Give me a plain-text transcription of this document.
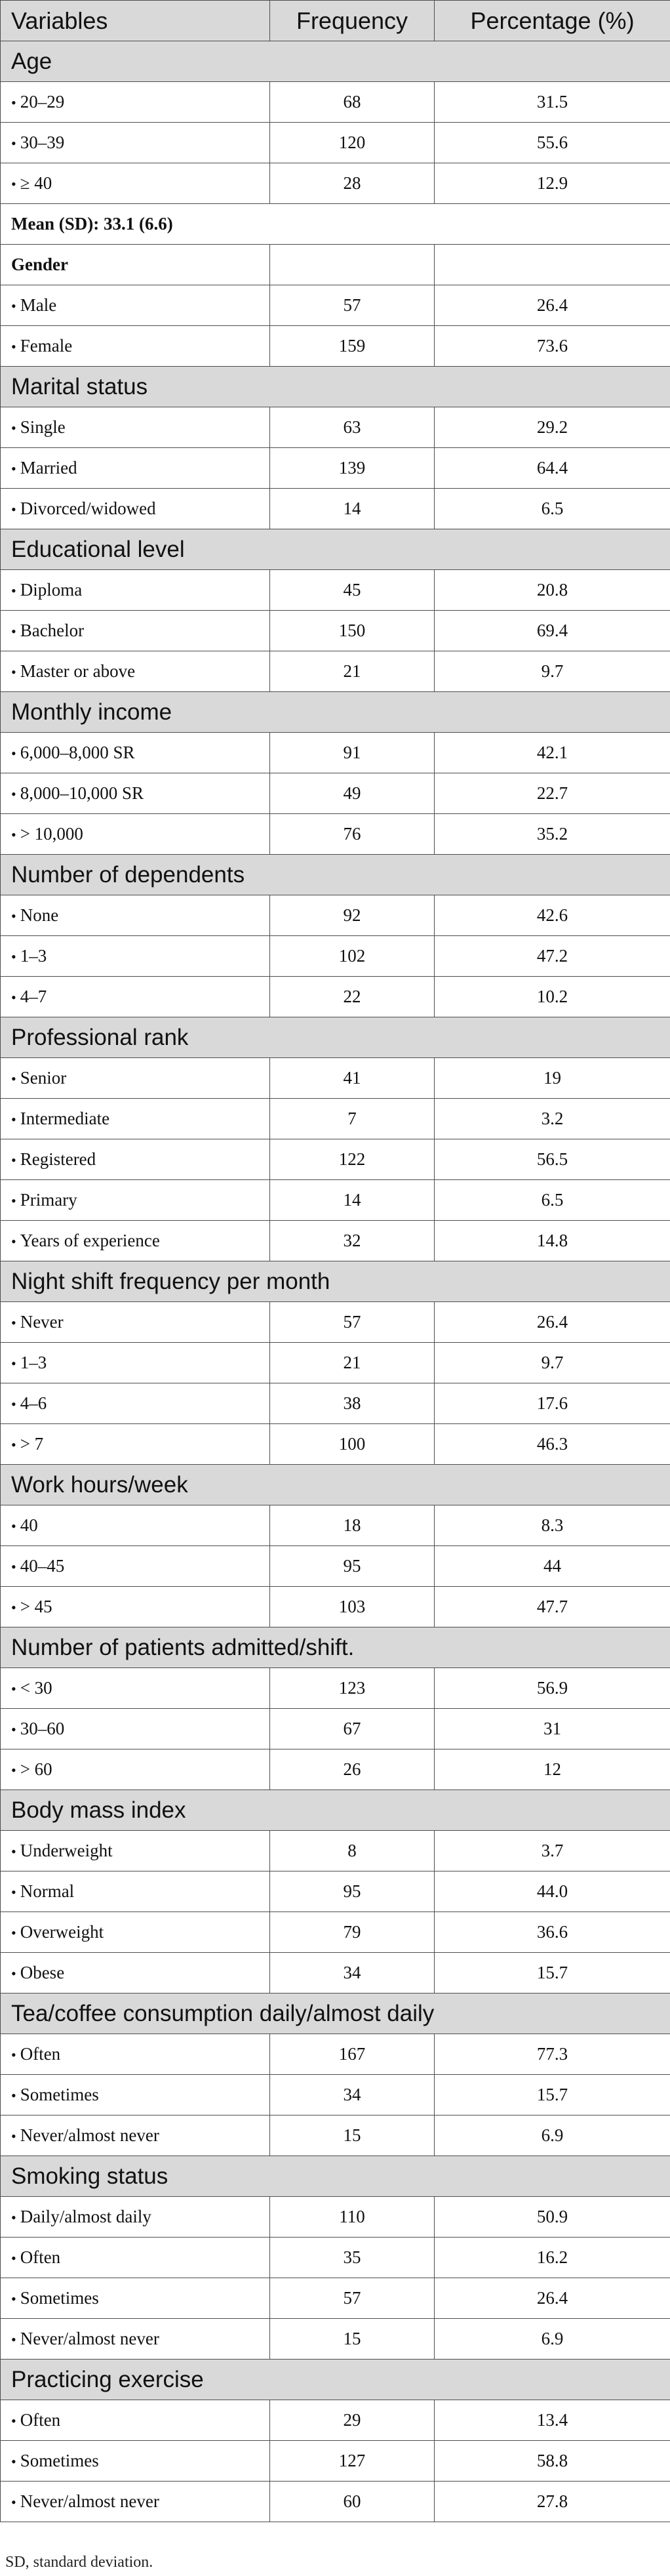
Variables	Frequency	Percentage (%)
Age		
• 20–29	68	31.5
• 30–39	120	55.6
• ≥ 40	28	12.9
Mean (SD): 33.1 (6.6)		
Gender		
• Male	57	26.4
• Female	159	73.6
Marital status		
• Single	63	29.2
• Married	139	64.4
• Divorced/widowed	14	6.5
Educational level		
• Diploma	45	20.8
• Bachelor	150	69.4
• Master or above	21	9.7
Monthly income		
• 6,000–8,000 SR	91	42.1
• 8,000–10,000 SR	49	22.7
• > 10,000	76	35.2
Number of dependents		
• None	92	42.6
• 1–3	102	47.2
• 4–7	22	10.2
Professional rank		
• Senior	41	19
• Intermediate	7	3.2
• Registered	122	56.5
• Primary	14	6.5
• Years of experience	32	14.8
Night shift frequency per month		
• Never	57	26.4
• 1–3	21	9.7
• 4–6	38	17.6
• > 7	100	46.3
Work hours/week		
• 40	18	8.3
• 40–45	95	44
• > 45	103	47.7
Number of patients admitted/shift.		
• < 30	123	56.9
• 30–60	67	31
• > 60	26	12
Body mass index		
• Underweight	8	3.7
• Normal	95	44.0
• Overweight	79	36.6
• Obese	34	15.7
Tea/coffee consumption daily/almost daily		
• Often	167	77.3
• Sometimes	34	15.7
• Never/almost never	15	6.9
Smoking status		
• Daily/almost daily	110	50.9
• Often	35	16.2
• Sometimes	57	26.4
• Never/almost never	15	6.9
Practicing exercise		
• Often	29	13.4
• Sometimes	127	58.8
• Never/almost never	60	27.8
SD, standard deviation.
